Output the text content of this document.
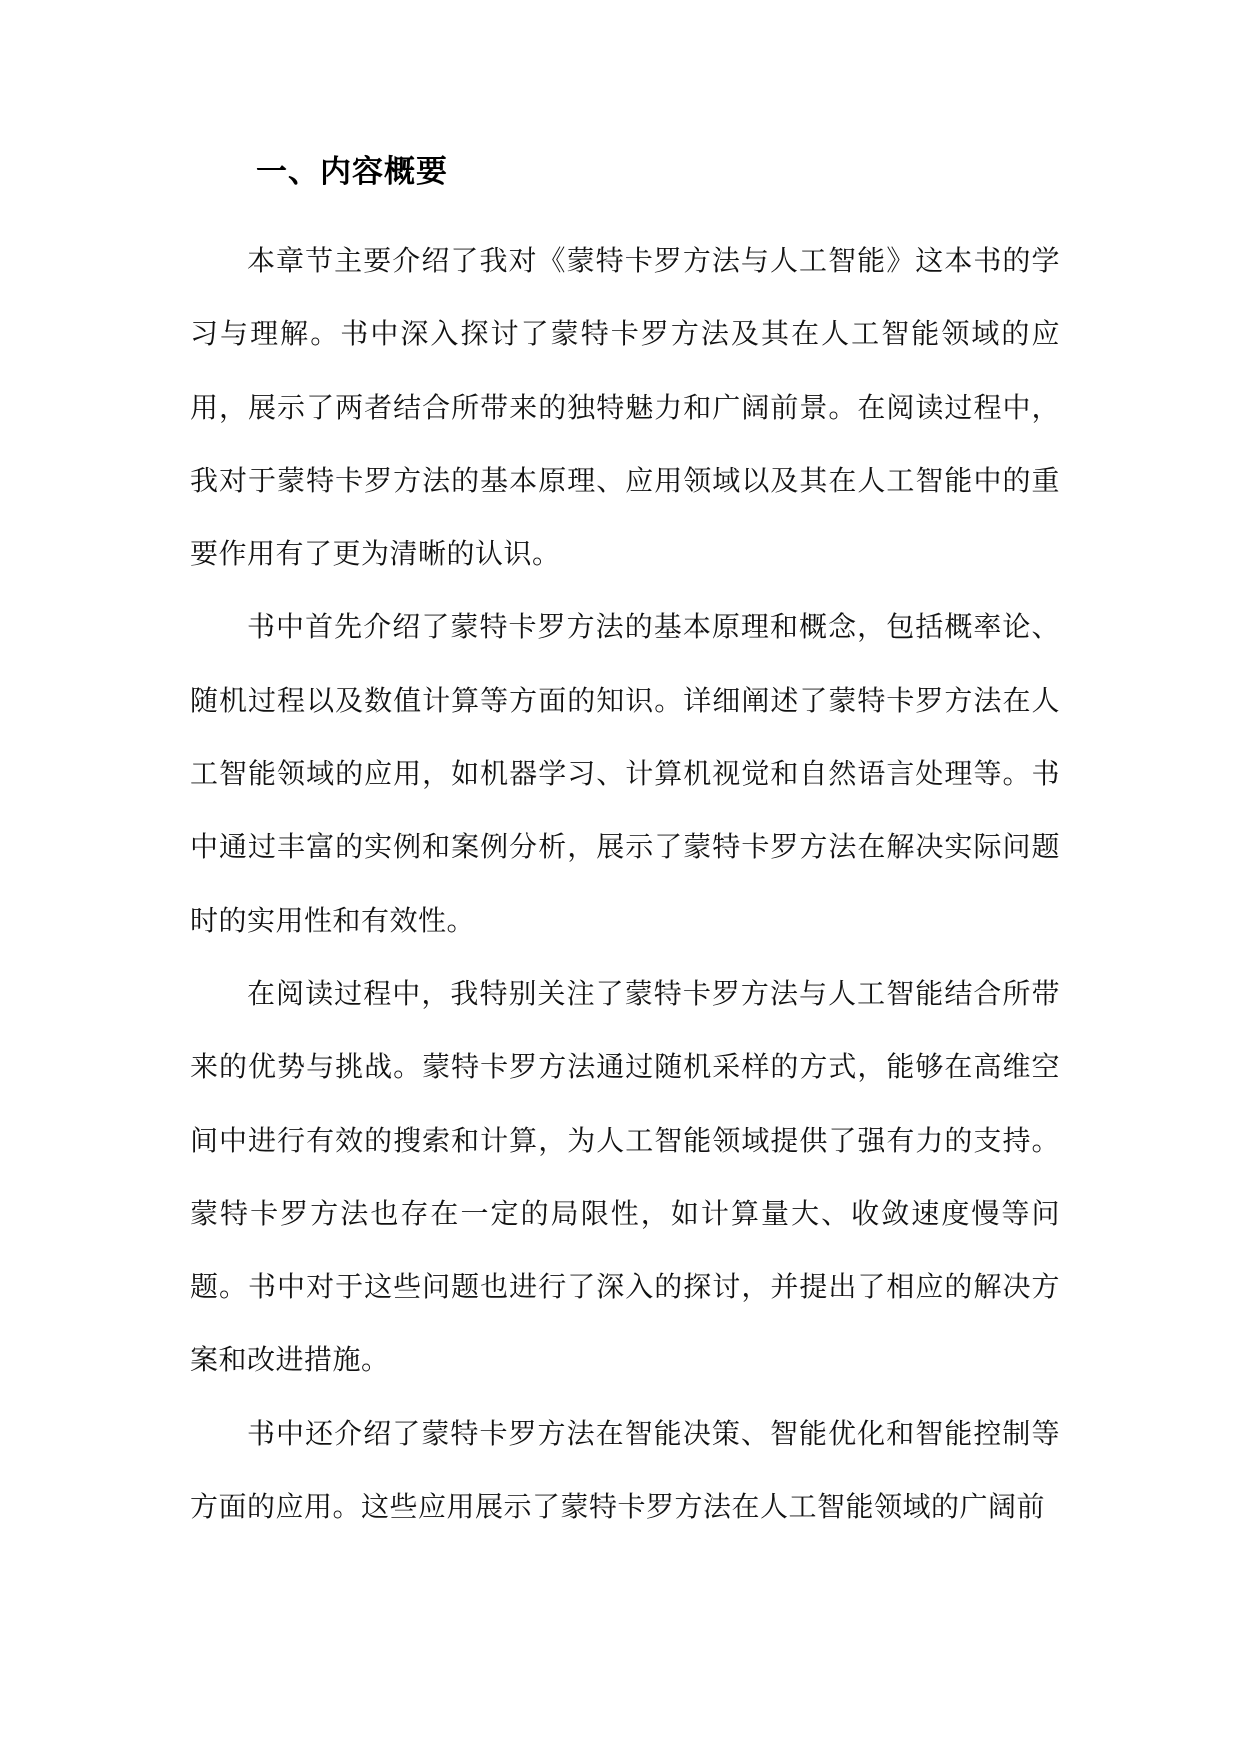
一、内容概要

本章节主要介绍了我对《蒙特卡罗方法与人工智能》这本书的学习与理解。书中深入探讨了蒙特卡罗方法及其在人工智能领域的应用，展示了两者结合所带来的独特魅力和广阔前景。在阅读过程中，我对于蒙特卡罗方法的基本原理、应用领域以及其在人工智能中的重要作用有了更为清晰的认识。

书中首先介绍了蒙特卡罗方法的基本原理和概念，包括概率论、随机过程以及数值计算等方面的知识。详细阐述了蒙特卡罗方法在人工智能领域的应用，如机器学习、计算机视觉和自然语言处理等。书中通过丰富的实例和案例分析，展示了蒙特卡罗方法在解决实际问题时的实用性和有效性。

在阅读过程中，我特别关注了蒙特卡罗方法与人工智能结合所带来的优势与挑战。蒙特卡罗方法通过随机采样的方式，能够在高维空间中进行有效的搜索和计算，为人工智能领域提供了强有力的支持。蒙特卡罗方法也存在一定的局限性，如计算量大、收敛速度慢等问题。书中对于这些问题也进行了深入的探讨，并提出了相应的解决方案和改进措施。

书中还介绍了蒙特卡罗方法在智能决策、智能优化和智能控制等方面的应用。这些应用展示了蒙特卡罗方法在人工智能领域的广阔前
